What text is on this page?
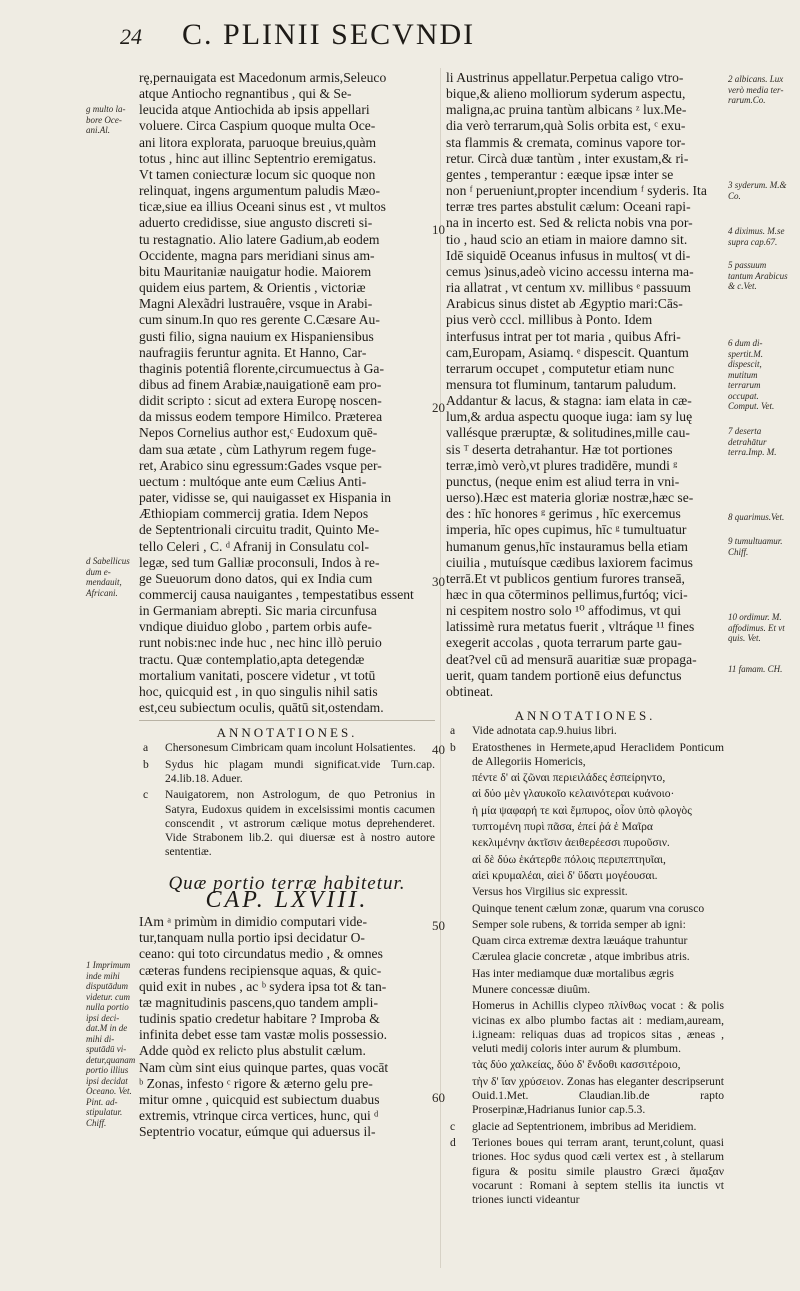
24 C. PLINII SECVNDI
g multo labore Oceani.Al.
d Sabellicus dum emendauit, Africani.
1 Imprimum inde mihi disputādum videtur. cum nulla portio ipsi decidat.M in de mihi disputādū videtur,quanam portio illius ipsi decidat Oceano. Vet. Pint. adstipulatur. Chiff.
2 albicans. Lux verò media terrarum.Co.
3 syderum. M.& Co.
4 diximus. M.se supra cap.67.
5 passuum tantum Arabicus & c.Vet.
6 dum dispertit.M. dispescit, mutitum terrarum occupat. Comput. Vet.
7 deserta detrahātur terra.Imp. M.
8 quarimus.Vet.
9 tumultuamur. Chiff.
10 ordimur. M. affodimus. Et vt quis. Vet.
11 famam. CH.
10
20
30
40
50
60
rę,pernauigata est Macedonum armis,Seleuco
atque Antiocho regnantibus , qui & Se-
leucida atque Antiochida ab ipsis appellari
voluere. Circa Caspium quoque multa Oce-
ani litora explorata, paruoque breuius,quàm
totus , hinc aut illinc Septentrio eremigatus.
Vt tamen coniecturæ locum sic quoque non
relinquat, ingens argumentum paludis Mæo-
ticæ,siue ea illius Oceani sinus est , vt multos
aduerto credidisse, siue angusto discreti si-
tu restagnatio. Alio latere Gadium,ab eodem
Occidente, magna pars meridiani sinus am-
bitu Mauritaniæ nauigatur hodie. Maiorem
quidem eius partem, & Orientis , victoriæ
Magni Alexãdri lustrauêre, vsque in Arabi-
cum sinum.In quo res gerente C.Cæsare Au-
gusti filio, signa nauium ex Hispaniensibus
naufragiis feruntur agnita. Et Hanno, Car-
thaginis potentiâ florente,circumuectus à Ga-
dibus ad finem Arabiæ,nauigationē eam pro-
didit scripto : sicut ad extera Europę noscen-
da missus eodem tempore Himilco. Præterea
Nepos Cornelius author est,ᶜ Eudoxum quē-
dam sua ætate , cùm Lathyrum regem fuge-
ret, Arabico sinu egressum:Gades vsque per-
uectum : multóque ante eum Cælius Anti-
pater, vidisse se, qui nauigasset ex Hispania in
Æthiopiam commercij gratia. Idem Nepos
de Septentrionali circuitu tradit, Quinto Me-
tello Celeri , C. ᵈ Afranij in Consulatu col-
legæ, sed tum Galliæ proconsuli, Indos à re-
ge Sueuorum dono datos, qui ex India cum
commercij causa nauigantes , tempestatibus essent
in Germaniam abrepti. Sic maria circunfusa
vndique diuiduo globo , partem orbis aufe-
runt nobis:nec inde huc , nec hinc illò peruio
tractu. Quæ contemplatio,apta detegendæ
mortalium vanitati, poscere videtur , vt totū
hoc, quicquid est , in quo singulis nihil satis
est,ceu subiectum oculis, quātū sit,ostendam.

ANNOTATIONES.

a Chersonesum Cimbricam quam incolunt Holsatientes.
b Sydus hic plagam mundi significat.vide Turn.cap. 24.lib.18. Aduer.
c Nauigatorem, non Astrologum, de quo Petronius in Satyra, Eudoxus quidem in excelsissimi montis cacumen conscendit , vt astrorum cælique motus deprehenderet. Vide Strabonem lib.2. qui diuersæ est à nostro autore sententiæ.

Quæ portio terræ habitetur.

CAP. LXVIII.

IAm ᵃ primùm in dimidio computari vide-
tur,tanquam nulla portio ipsi decidatur O-
ceano: qui toto circundatus medio , & omnes
cæteras fundens recipiensque aquas, & quic-
quid exit in nubes , ac ᵇ sydera ipsa tot & tan-
tæ magnitudinis pascens,quo tandem ampli-
tudinis spatio credetur habitare ? Improba &
infinita debet esse tam vastæ molis possessio.
Adde quòd ex relicto plus abstulit cælum.
Nam cùm sint eius quinque partes, quas vocāt
ᵇ Zonas, infesto ᶜ rigore & æterno gelu pre-
mitur omne , quicquid est subiectum duabus
extremis, vtrinque circa vertices, hunc, qui ᵈ
Septentrio vocatur, eúmque qui aduersus il-
li Austrinus appellatur.Perpetua caligo vtro-
bique,& alieno molliorum syderum aspectu,
maligna,ac pruina tantùm albicans ᶻ lux.Me-
dia verò terrarum,quà Solis orbita est, ᶜ exu-
sta flammis & cremata, cominus vapore tor-
retur. Circà duæ tantùm , inter exustam,& ri-
gentes , temperantur : eæque ipsæ inter se
non ᶠ perueniunt,propter incendium ᶠ syderis. Ita
terræ tres partes abstulit cælum: Oceani rapi-
na in incerto est. Sed & relicta nobis vna por-
tio , haud scio an etiam in maiore damno sit.
Idē siquidē Oceanus infusus in multos( vt di-
cemus )sinus,adeò vicino accessu interna ma-
ria allatrat , vt centum xv. millibus ᵉ passuum
Arabicus sinus distet ab Ægyptio mari:Cās-
pius verò cccl. millibus à Ponto. Idem
interfusus intrat per tot maria , quibus Afri-
cam,Europam, Asiamq. ᵉ dispescit. Quantum
terrarum occupet , computetur etiam nunc
mensura tot fluminum, tantarum paludum.
Addantur & lacus, & stagna: iam elata in cæ-
lum,& ardua aspectu quoque iuga: iam sy luę
vallésque præruptæ, & solitudines,mille cau-
sis ᵀ deserta detrahantur. Hæ tot portiones
terræ,imò verò,vt plures tradidēre, mundi ᵍ
punctus, (neque enim est aliud terra in vni-
uerso).Hæc est materia gloriæ nostræ,hæc se-
des : hīc honores ᵍ gerimus , hīc exercemus
imperia, hīc opes cupimus, hīc ᵍ tumultuatur
humanum genus,hīc instauramus bella etiam
ciuilia , mutuísque cædibus laxiorem facimus
terrā.Et vt publicos gentium furores transeā,
hæc in qua cōterminos pellimus,furtóq; vici-
ni cespitem nostro solo ¹⁰ affodimus, vt qui
latissimè rura metatus fuerit , vltráque ¹¹ fines
exegerit accolas , quota terrarum parte gau-
deat?vel cū ad mensurā auaritiæ suæ propaga-
uerit, quam tandem portionē eius defunctus
obtineat.

ANNOTATIONES.

a Vide adnotata cap.9.huius libri.
b Eratosthenes in Hermete,apud Heraclidem Ponticum de Allegoriis Homericis,
πέντε δ' αἱ ζῶναι περιειλάδες ἐσπείρηντο,
αἱ δύο μὲν γλαυκοῖο κελαινότεραι κυάνοιο·
ἡ μία ψαφαρή τε καὶ ἔμπυρος, οἷον ὑπὸ φλογὸς
τυπτομένη πυρὶ πᾶσα, ἐπεί ῥά ἑ Μαῖρα
κεκλιμένην ἀκτῖσιν ἀειθερέεσσι πυροῦσιν.
αἱ δὲ δύω ἑκάτερθε πόλοις περιπεπτηυῖαι,
αἰεὶ κρυμαλέαι, αἰεὶ δ' ὕδατι μογέουσαι.
Versus hos Virgilius sic expressit.
Quinque tenent cælum zonæ, quarum vna corusco
Semper sole rubens, & torrida semper ab igni:
Quam circa extremæ dextra læuáque trahuntur
Cærulea glacie concretæ , atque imbribus atris.
Has inter mediamque duæ mortalibus ægris
Munere concessæ diuûm.
Homerus in Achillis clypeo πλίνθως vocat : & polis vicinas ex albo plumbo factas ait : mediam,auream, i.igneam: reliquas duas ad tropicos sitas , æneas , veluti medij coloris inter aurum & plumbum.
τὰς δύο χαλκείας, δύο δ' ἔνδοθι κασσιτέροιο,
τὴν δ' ἴαν χρύσειον. Zonas has eleganter descripserunt Ouid.1.Met. Claudian.lib.de rapto Proserpinæ,Hadrianus Iunior cap.5.3.
c glacie ad Septentrionem, imbribus ad Meridiem.
d Teriones boues qui terram arant, terunt,colunt, quasi triones. Hoc sydus quod cæli vertex est , à stellarum figura & positu simile plaustro Græci ἅμαξαν vocarunt : Romani à septem stellis ita iunctis vt triones iuncti videantur
